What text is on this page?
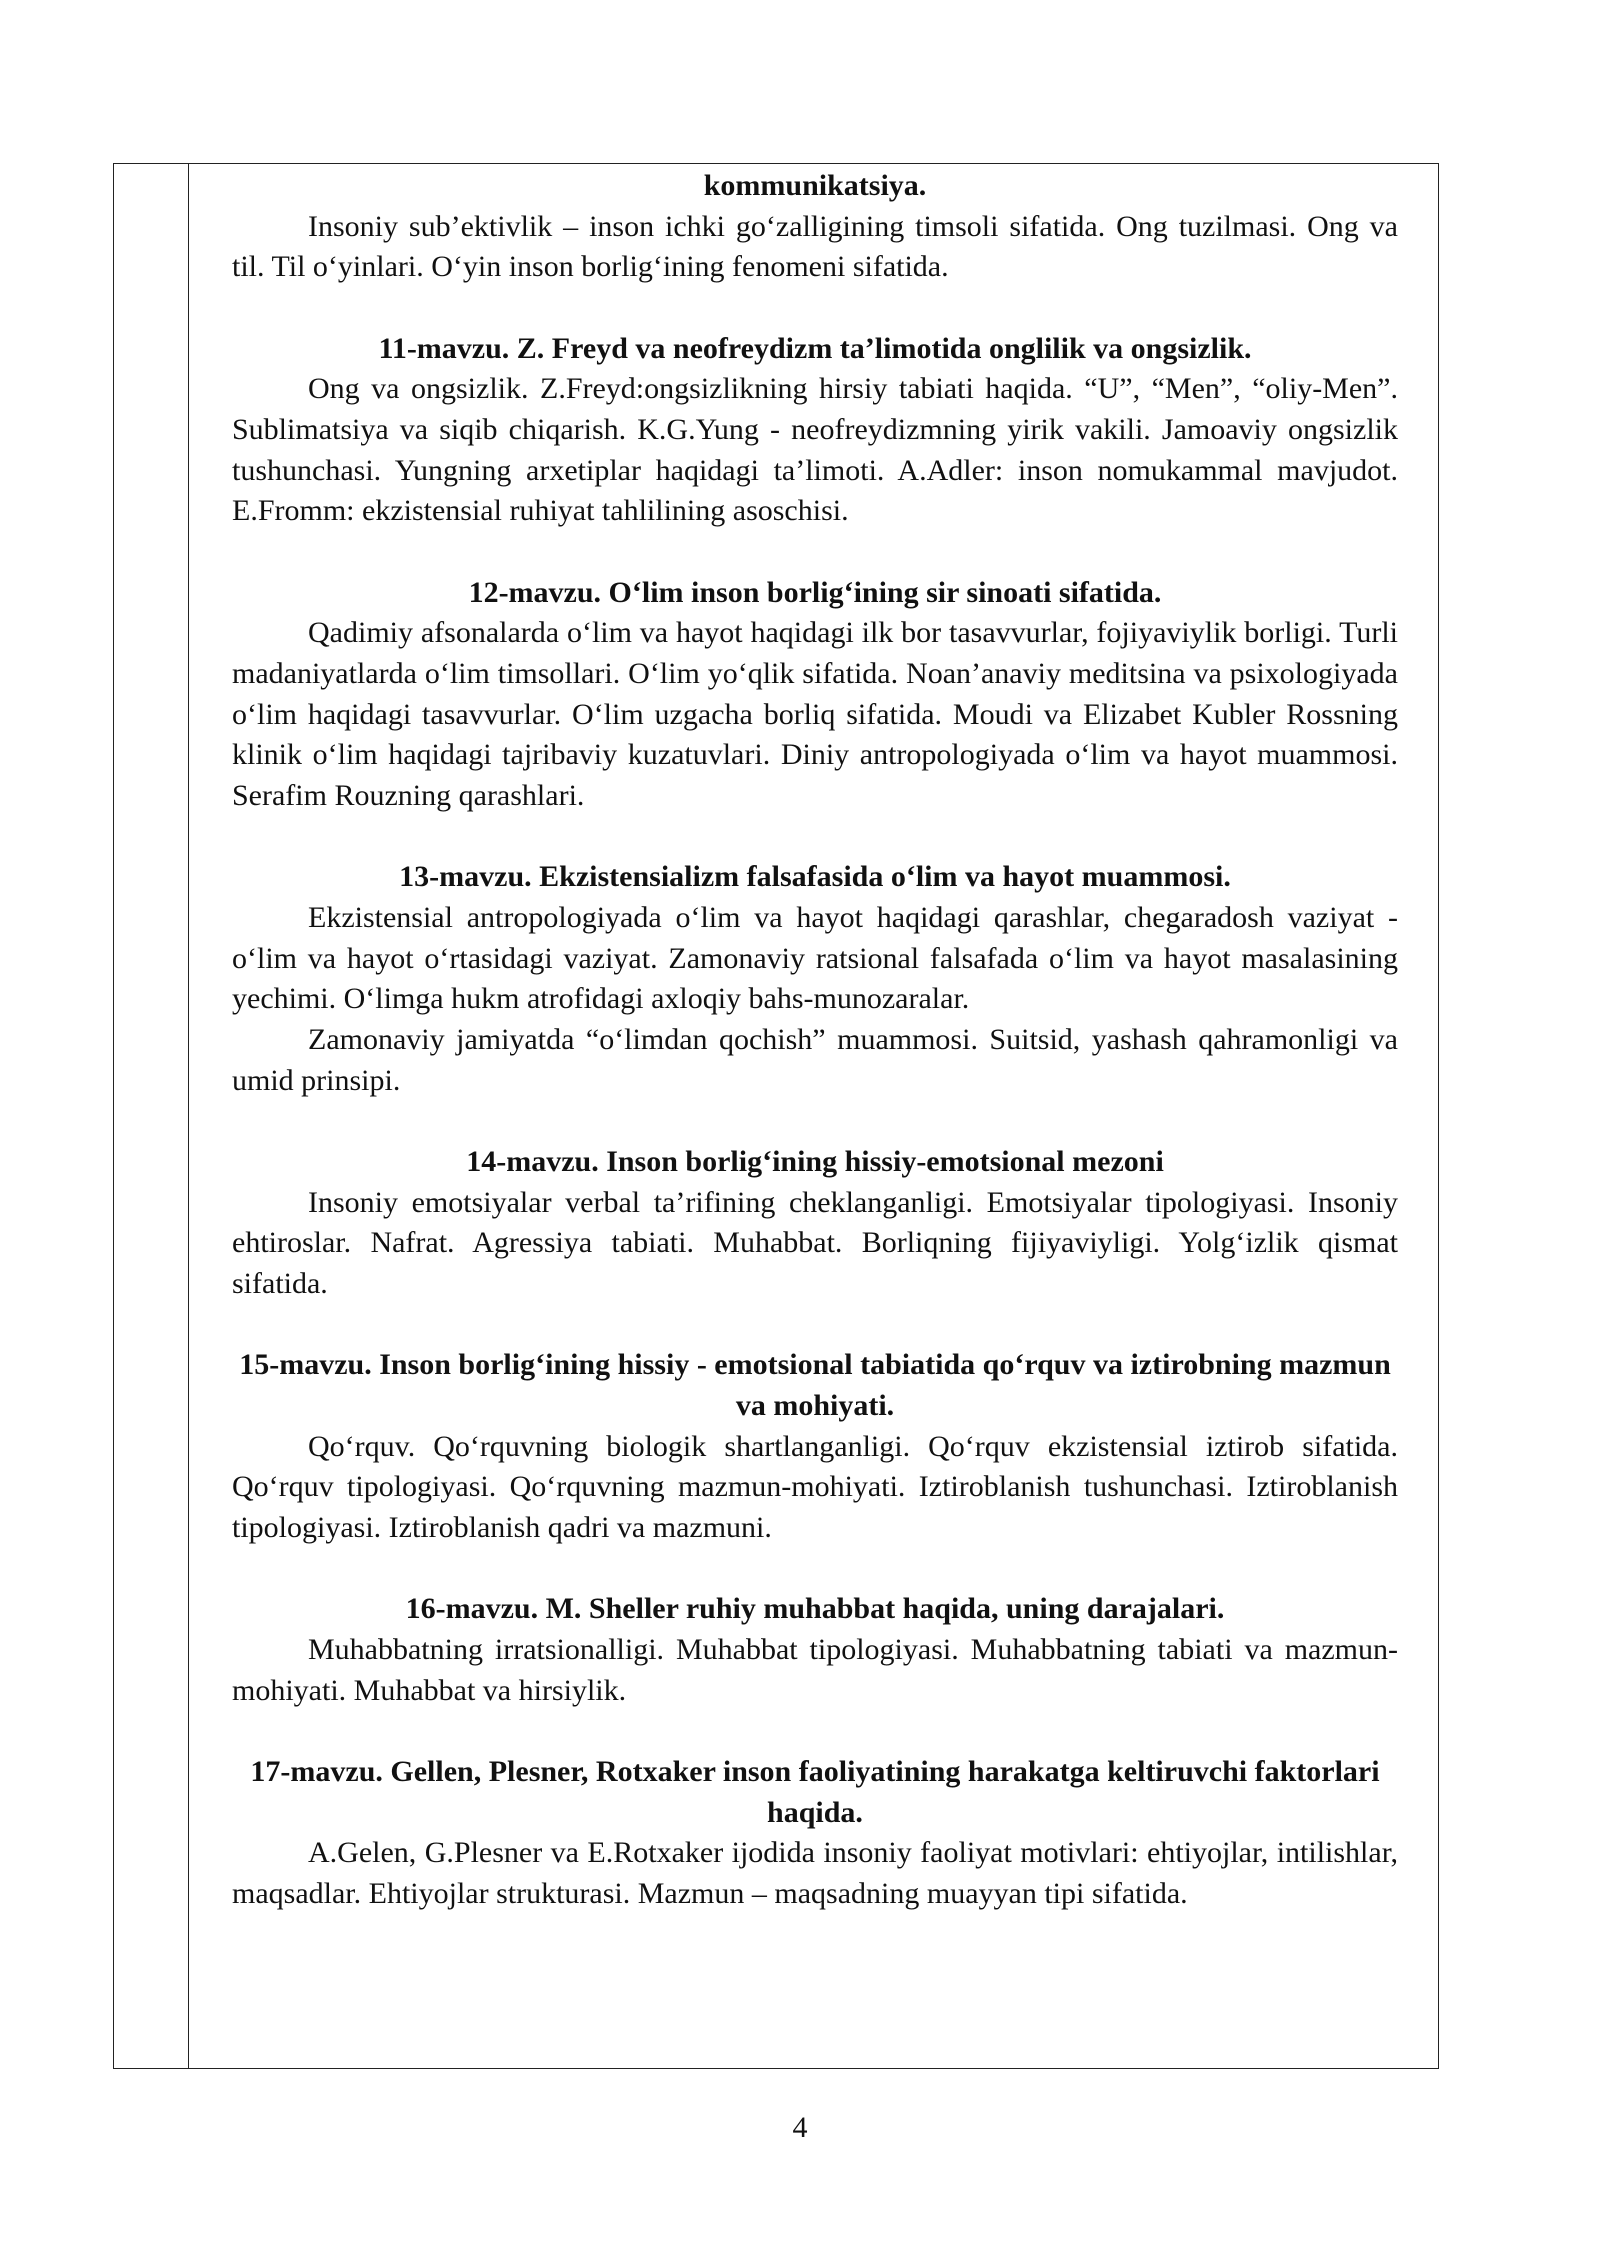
kommunikatsiya.

Insoniy sub’ektivlik – inson ichki go‘zalligining timsoli sifatida. Ong tuzilmasi. Ong va til. Til o‘yinlari. O‘yin inson borlig‘ining fenomeni sifatida.

11-mavzu. Z. Freyd va neofreydizm ta’limotida onglilik va ongsizlik.

Ong va ongsizlik. Z.Freyd:ongsizlikning hirsiy tabiati haqida. “U”, “Men”, “oliy-Men”. Sublimatsiya va siqib chiqarish. K.G.Yung - neofreydizmning yirik vakili. Jamoaviy ongsizlik tushunchasi. Yungning arxetiplar haqidagi ta’limoti. A.Adler: inson nomukammal mavjudot. E.Fromm: ekzistensial ruhiyat tahlilining asoschisi.

12-mavzu. O‘lim inson borlig‘ining sir sinoati sifatida.

Qadimiy afsonalarda o‘lim va hayot haqidagi ilk bor tasavvurlar, fojiyaviylik borligi. Turli madaniyatlarda o‘lim timsollari. O‘lim yo‘qlik sifatida. Noan’anaviy meditsina va psixologiyada o‘lim haqidagi tasavvurlar. O‘lim uzgacha borliq sifatida. Moudi va Elizabet Kubler Rossning klinik o‘lim haqidagi tajribaviy kuzatuvlari. Diniy antropologiyada o‘lim va hayot muammosi. Serafim Rouzning qarashlari.

13-mavzu. Ekzistensializm falsafasida o‘lim va hayot muammosi.

Ekzistensial antropologiyada o‘lim va hayot haqidagi qarashlar, chegaradosh vaziyat - o‘lim va hayot o‘rtasidagi vaziyat. Zamonaviy ratsional falsafada o‘lim va hayot masalasining yechimi. O‘limga hukm atrofidagi axloqiy bahs-munozaralar.

Zamonaviy jamiyatda “o‘limdan qochish” muammosi. Suitsid, yashash qahramonligi va umid prinsipi.

14-mavzu. Inson borlig‘ining hissiy-emotsional mezoni

Insoniy emotsiyalar verbal ta’rifining cheklanganligi. Emotsiyalar tipologiyasi. Insoniy ehtiroslar. Nafrat. Agressiya tabiati. Muhabbat. Borliqning fijiyaviyligi. Yolg‘izlik qismat sifatida.

15-mavzu. Inson borlig‘ining hissiy - emotsional tabiatida qo‘rquv va iztirobning mazmun va mohiyati.

Qo‘rquv. Qo‘rquvning biologik shartlanganligi. Qo‘rquv ekzistensial iztirob sifatida. Qo‘rquv tipologiyasi. Qo‘rquvning mazmun-mohiyati. Iztiroblanish tushunchasi. Iztiroblanish tipologiyasi. Iztiroblanish qadri va mazmuni.

16-mavzu. M. Sheller ruhiy muhabbat haqida, uning darajalari.

Muhabbatning irratsionalligi. Muhabbat tipologiyasi. Muhabbatning tabiati va mazmun-mohiyati. Muhabbat va hirsiylik.

17-mavzu. Gellen, Plesner, Rotxaker inson faoliyatining harakatga keltiruvchi faktorlari haqida.

A.Gelen, G.Plesner va E.Rotxaker ijodida insoniy faoliyat motivlari: ehtiyojlar, intilishlar, maqsadlar. Ehtiyojlar strukturasi. Mazmun – maqsadning muayyan tipi sifatida.

4
